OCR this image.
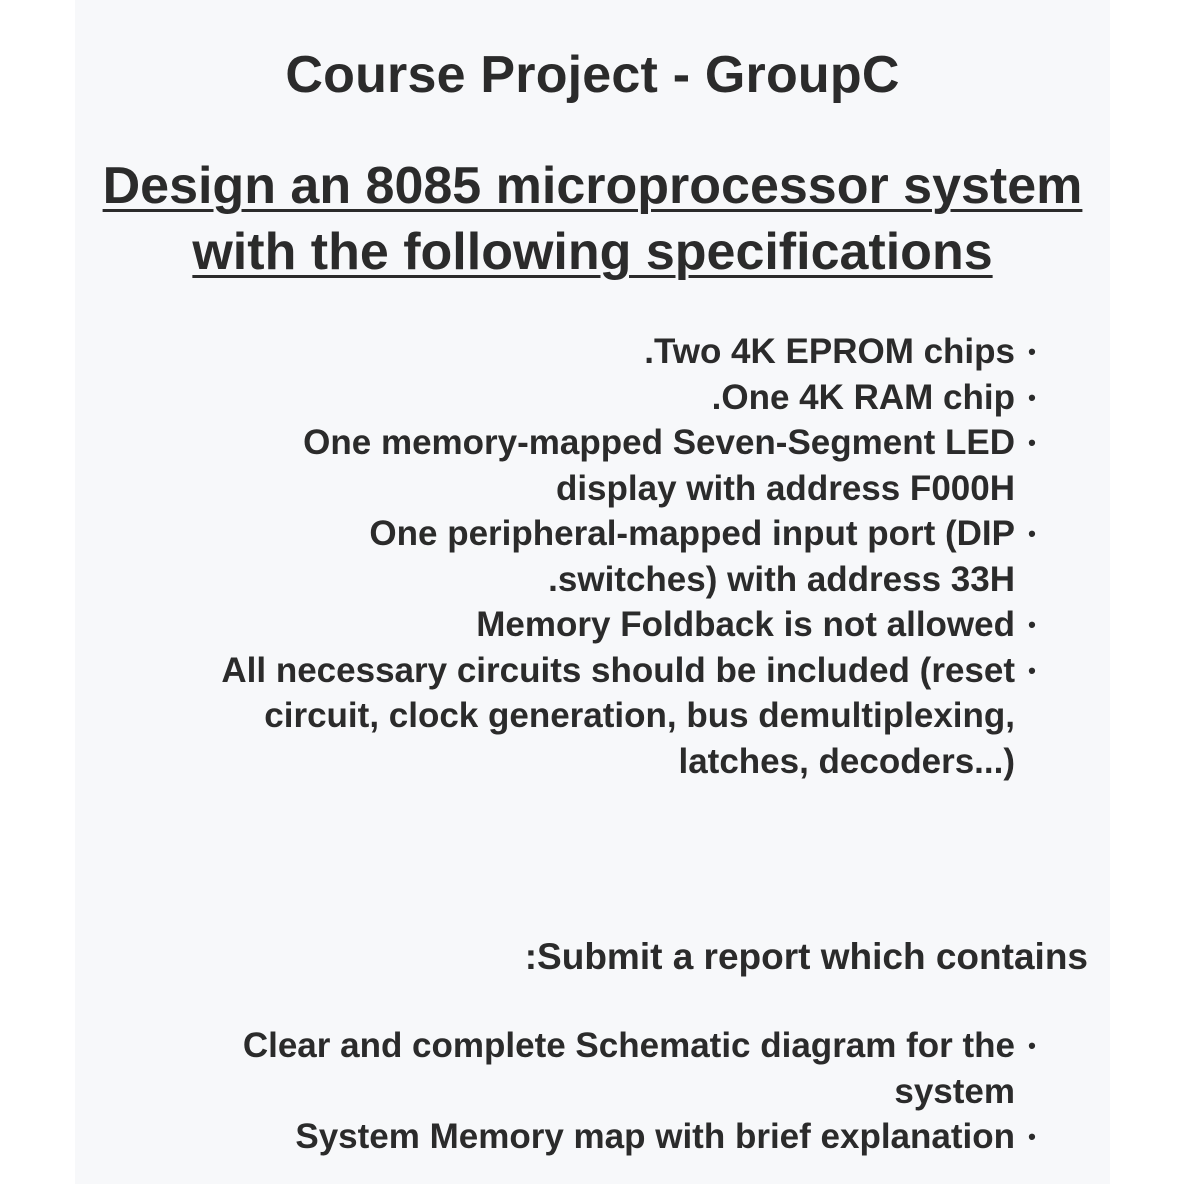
Course Project - GroupC
Design an 8085 microprocessor system
with the following specifications
.Two 4K EPROM chips •
.One 4K RAM chip •
One memory-mapped Seven-Segment LED display with address F000H
•
One peripheral-mapped input port (DIP .switches) with address 33H
•
Memory Foldback is not allowed •
All necessary circuits should be included (reset circuit, clock generation, bus demultiplexing, latches, decoders...)
•

:Submit a report which contains

Clear and complete Schematic diagram for the system
•
System Memory map with brief explanation •
